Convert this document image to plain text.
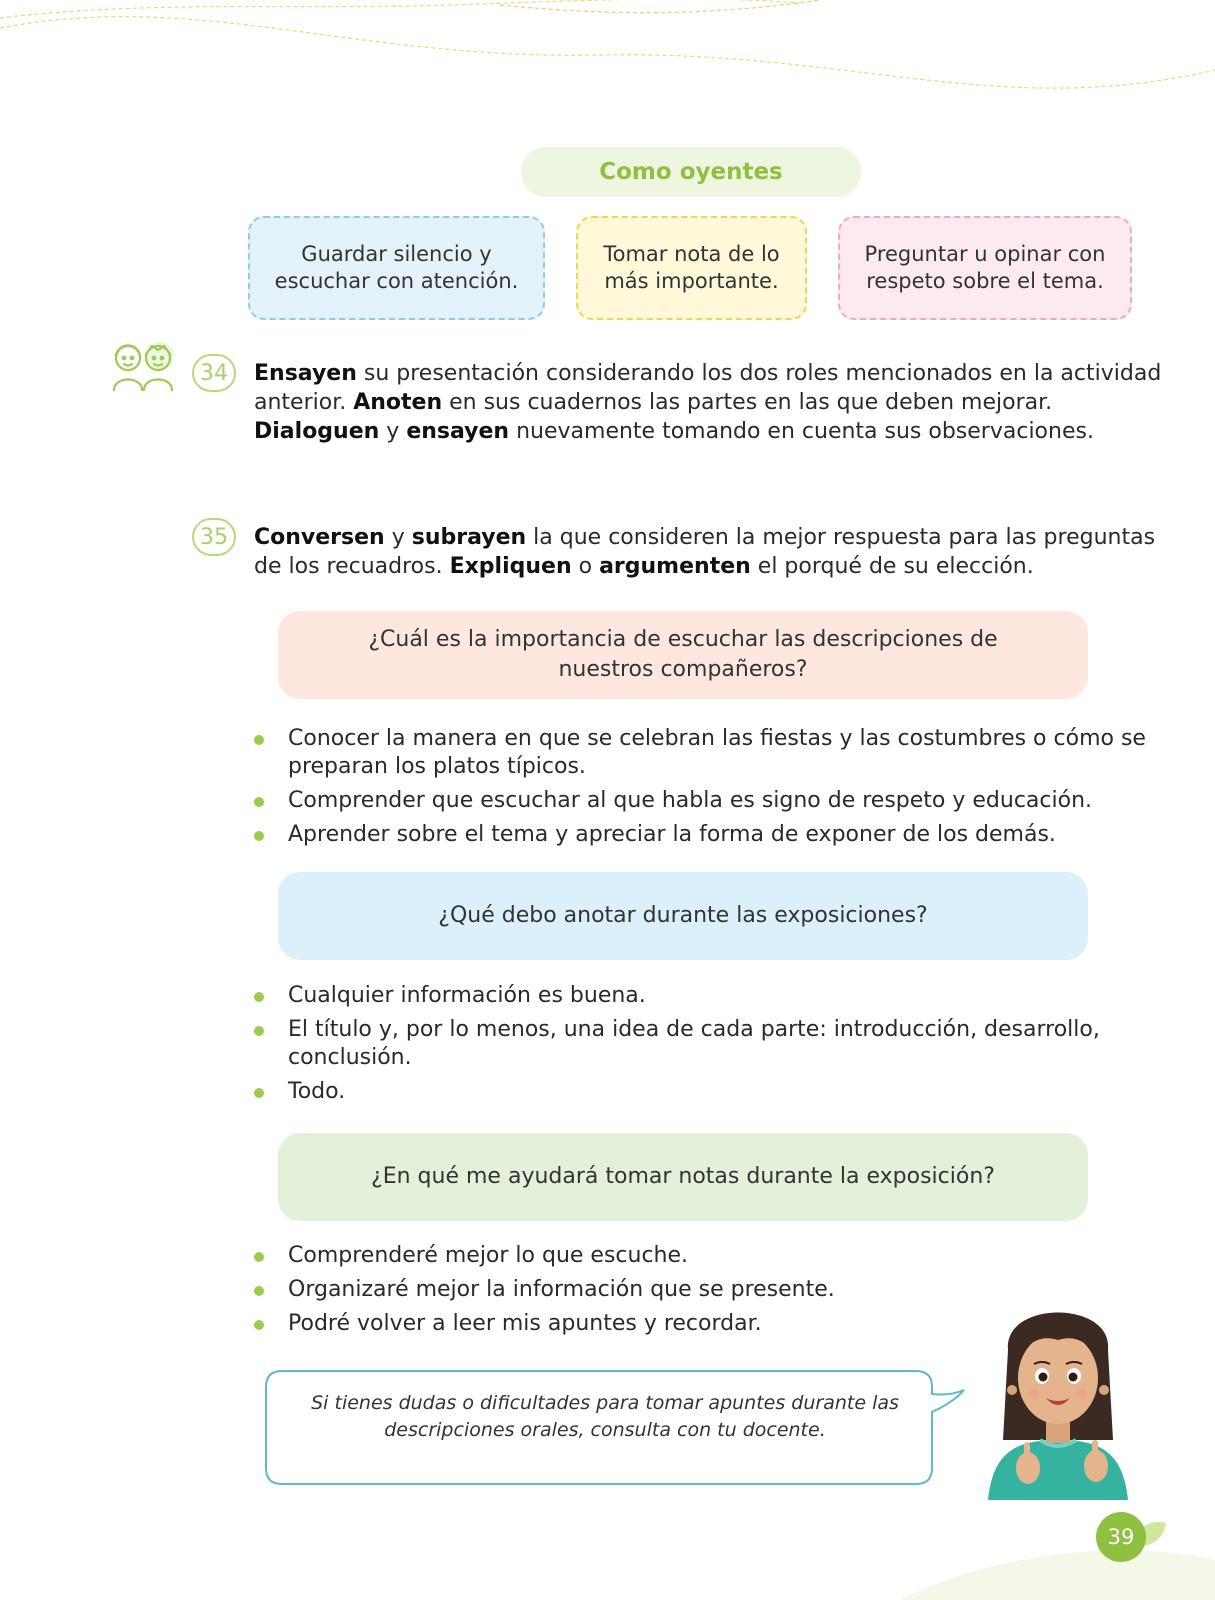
Como oyentes
Guardar silencio y escuchar con atención.
Tomar nota de lo más importante.
Preguntar u opinar con respeto sobre el tema.
34	Ensayen su presentación considerando los dos roles mencionados en la actividad anterior. Anoten en sus cuadernos las partes en las que deben mejorar. Dialoguen y ensayen nuevamente tomando en cuenta sus observaciones.
35	Conversen y subrayen la que consideren la mejor respuesta para las preguntas de los recuadros. Expliquen o argumenten el porqué de su elección.
¿Cuál es la importancia de escuchar las descripciones de nuestros compañeros?
Conocer la manera en que se celebran las fiestas y las costumbres o cómo se preparan los platos típicos.
Comprender que escuchar al que habla es signo de respeto y educación.
Aprender sobre el tema y apreciar la forma de exponer de los demás.
¿Qué debo anotar durante las exposiciones?
Cualquier información es buena.
El título y, por lo menos, una idea de cada parte: introducción, desarrollo, conclusión.
Todo.
¿En qué me ayudará tomar notas durante la exposición?
Comprenderé mejor lo que escuche.
Organizaré mejor la información que se presente.
Podré volver a leer mis apuntes y recordar.
Si tienes dudas o dificultades para tomar apuntes durante las descripciones orales, consulta con tu docente.
39
